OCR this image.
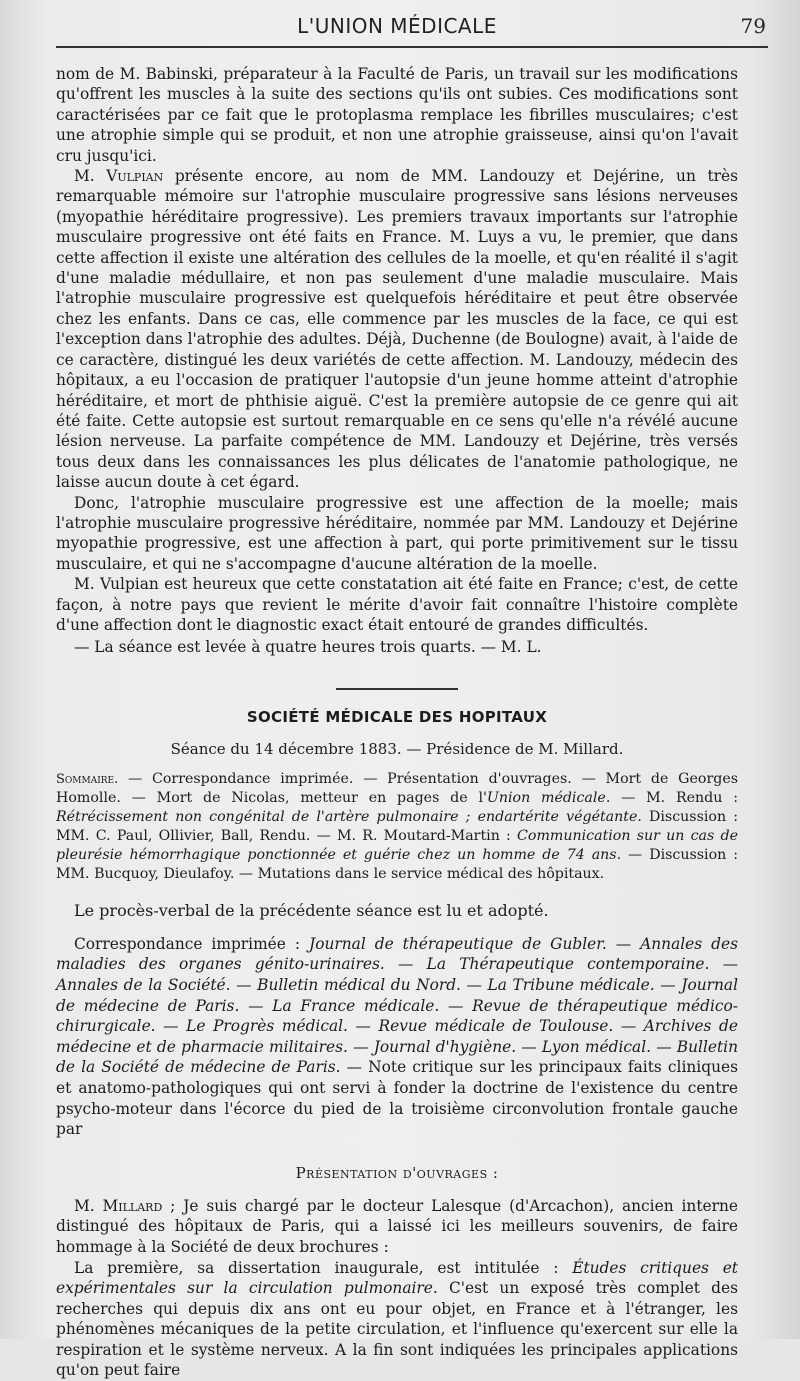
L'UNION MÉDICALE	79

nom de M. Babinski, préparateur à la Faculté de Paris, un travail sur les modifications qu'offrent les muscles à la suite des sections qu'ils ont subies. Ces modifications sont caractérisées par ce fait que le protoplasma remplace les fibrilles musculaires; c'est une atrophie simple qui se produit, et non une atrophie graisseuse, ainsi qu'on l'avait cru jusqu'ici.

M. Vulpian présente encore, au nom de MM. Landouzy et Dejérine, un très remarquable mémoire sur l'atrophie musculaire progressive sans lésions nerveuses (myopathie héréditaire progressive). Les premiers travaux importants sur l'atrophie musculaire progressive ont été faits en France. M. Luys a vu, le premier, que dans cette affection il existe une altération des cellules de la moelle, et qu'en réalité il s'agit d'une maladie médullaire, et non pas seulement d'une maladie musculaire. Mais l'atrophie musculaire progressive est quelquefois héréditaire et peut être observée chez les enfants. Dans ce cas, elle commence par les muscles de la face, ce qui est l'exception dans l'atrophie des adultes. Déjà, Duchenne (de Boulogne) avait, à l'aide de ce caractère, distingué les deux variétés de cette affection. M. Landouzy, médecin des hôpitaux, a eu l'occasion de pratiquer l'autopsie d'un jeune homme atteint d'atrophie héréditaire, et mort de phthisie aiguë. C'est la première autopsie de ce genre qui ait été faite. Cette autopsie est surtout remarquable en ce sens qu'elle n'a révélé aucune lésion nerveuse. La parfaite compétence de MM. Landouzy et Dejérine, très versés tous deux dans les connaissances les plus délicates de l'anatomie pathologique, ne laisse aucun doute à cet égard.

Donc, l'atrophie musculaire progressive est une affection de la moelle; mais l'atrophie musculaire progressive héréditaire, nommée par MM. Landouzy et Dejérine myopathie progressive, est une affection à part, qui porte primitivement sur le tissu musculaire, et qui ne s'accompagne d'aucune altération de la moelle.

M. Vulpian est heureux que cette constatation ait été faite en France; c'est, de cette façon, à notre pays que revient le mérite d'avoir fait connaître l'histoire complète d'une affection dont le diagnostic exact était entouré de grandes difficultés.

— La séance est levée à quatre heures trois quarts. — M. L.

SOCIÉTÉ MÉDICALE DES HOPITAUX
Séance du 14 décembre 1883. — Présidence de M. Millard.
Sommaire. — Correspondance imprimée. — Présentation d'ouvrages. — Mort de Georges Homolle. — Mort de Nicolas, metteur en pages de l'Union médicale. — M. Rendu : Rétrécissement non congénital de l'artère pulmonaire ; endartérite végétante. Discussion : MM. C. Paul, Ollivier, Ball, Rendu. — M. R. Moutard-Martin : Communication sur un cas de pleurésie hémorrhagique ponctionnée et guérie chez un homme de 74 ans. — Discussion : MM. Bucquoy, Dieulafoy. — Mutations dans le service médical des hôpitaux.

Le procès-verbal de la précédente séance est lu et adopté.

Correspondance imprimée : Journal de thérapeutique de Gubler. — Annales des maladies des organes génito-urinaires. — La Thérapeutique contemporaine. — Annales de la Société. — Bulletin médical du Nord. — La Tribune médicale. — Journal de médecine de Paris. — La France médicale. — Revue de thérapeutique médico-chirurgicale. — Le Progrès médical. — Revue médicale de Toulouse. — Archives de médecine et de pharmacie militaires. — Journal d'hygiène. — Lyon médical. — Bulletin de la Société de médecine de Paris. — Note critique sur les principaux faits cliniques et anatomo-pathologiques qui ont servi à fonder la doctrine de l'existence du centre psycho-moteur dans l'écorce du pied de la troisième circonvolution frontale gauche par
Présentation d'ouvrages :
M. Millard ; Je suis chargé par le docteur Lalesque (d'Arcachon), ancien interne distingué des hôpitaux de Paris, qui a laissé ici les meilleurs souvenirs, de faire hommage à la Société de deux brochures :
La première, sa dissertation inaugurale, est intitulée : Études critiques et expérimentales sur la circulation pulmonaire. C'est un exposé très complet des recherches qui depuis dix ans ont eu pour objet, en France et à l'étranger, les phénomènes mécaniques de la petite circulation, et l'influence qu'exercent sur elle la respiration et le système nerveux. A la fin sont indiquées les principales applications qu'on peut faire
